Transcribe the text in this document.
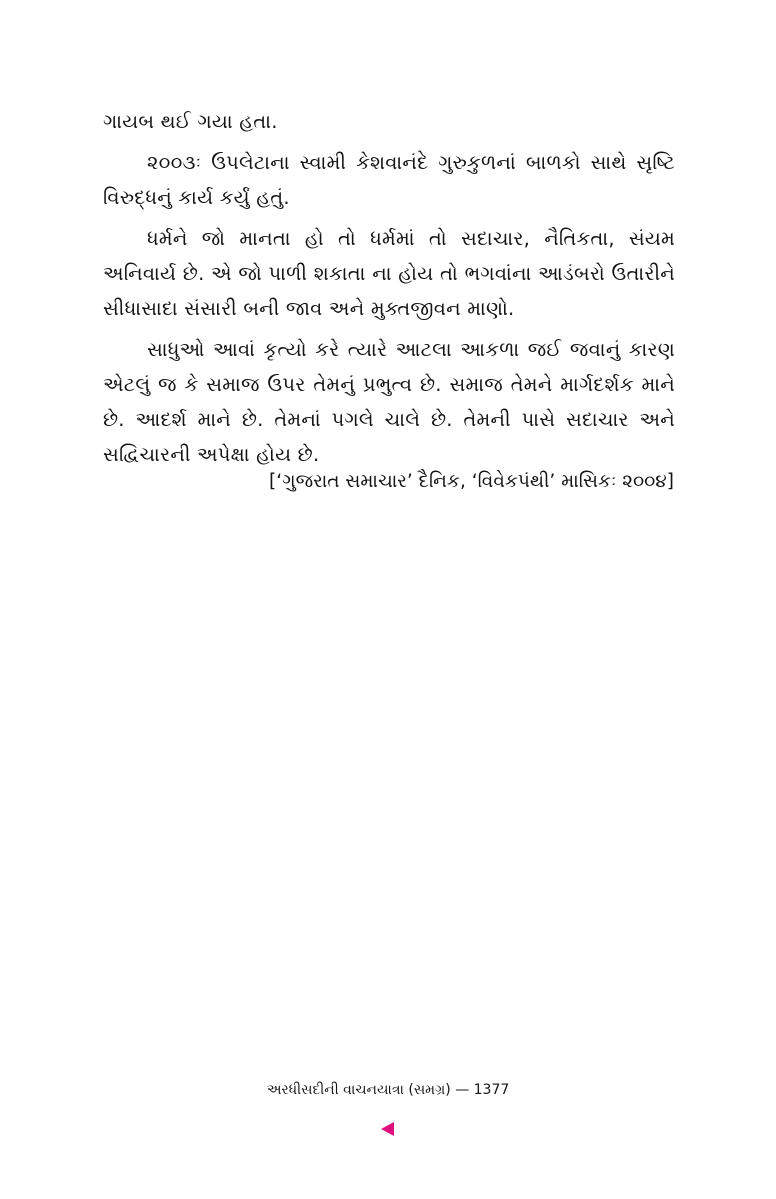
ગાયબ થઈ ગયા હતા.

૨૦૦૩ઃ ઉપલેટાના સ્વામી કેશવાનંદે ગુરુકુળનાં બાળકો સાથે સૃષ્ટિ વિરુદ્ધનું કાર્ય કર્યું હતું.

ધર્મને જો માનતા હો તો ધર્મમાં તો સદાચાર, નૈતિકતા, સંયમ અનિવાર્ય છે. એ જો પાળી શકાતા ના હોય તો ભગવાંના આડંબરો ઉતારીને સીધાસાદા સંસારી બની જાવ અને મુક્તજીવન માણો.

સાધુઓ આવાં કૃત્યો કરે ત્યારે આટલા આકળા જઈ જવાનું કારણ એટલું જ કે સમાજ ઉપર તેમનું પ્રભુત્વ છે. સમાજ તેમને માર્ગદર્શક માને છે. આદર્શ માને છે. તેમનાં પગલે ચાલે છે. તેમની પાસે સદાચાર અને સદ્વિચારની અપેક્ષા હોય છે.

[‘ગુજરાત સમાચાર’ દૈનિક, ‘વિવેકપંથી’ માસિકઃ ૨૦૦૪]
અરધીસદીની વાચનયાત્રા (સમગ્ર) — 1377
